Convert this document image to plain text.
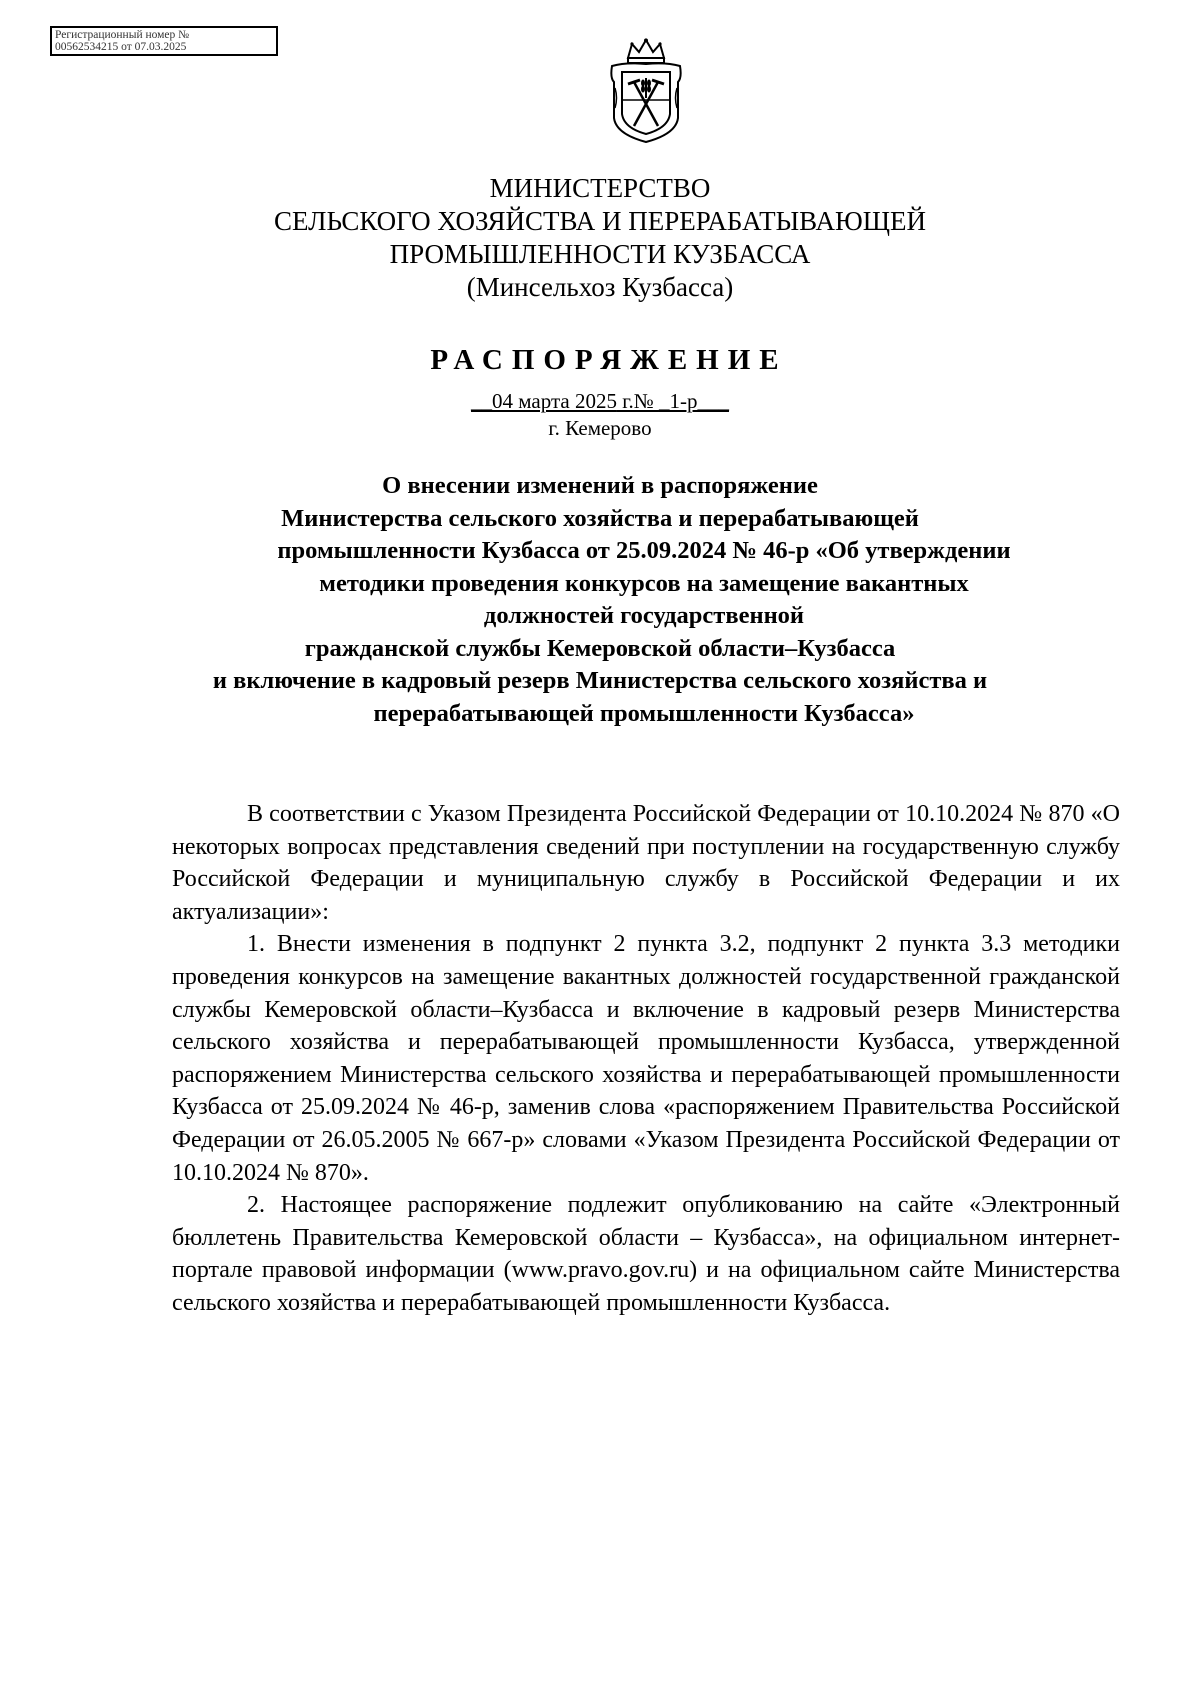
Регистрационный номер №
00562534215 от 07.03.2025
МИНИСТЕРСТВО
СЕЛЬСКОГО ХОЗЯЙСТВА И ПЕРЕРАБАТЫВАЮЩЕЙ
ПРОМЫШЛЕННОСТИ КУЗБАССА
(Минсельхоз Кузбасса)
РАСПОРЯЖЕНИЕ
__04 марта 2025 г.№ _1-р___
г. Кемерово
О внесении изменений в распоряжение
Министерства сельского хозяйства и перерабатывающей
промышленности Кузбасса от 25.09.2024 № 46-р «Об утверждении
методики проведения конкурсов на замещение вакантных
должностей государственной
гражданской службы Кемеровской области–Кузбасса
и включение в кадровый резерв Министерства сельского хозяйства и
перерабатывающей промышленности Кузбасса»

В соответствии с Указом Президента Российской Федерации от 10.10.2024 № 870 «О некоторых вопросах представления сведений при поступлении на государственную службу Российской Федерации и муниципальную службу в Российской Федерации и их актуализации»:

1. Внести изменения в подпункт 2 пункта 3.2, подпункт 2 пункта 3.3 методики проведения конкурсов на замещение вакантных должностей государственной гражданской службы Кемеровской области–Кузбасса и включение в кадровый резерв Министерства сельского хозяйства и перерабатывающей промышленности Кузбасса, утвержденной распоряжением Министерства сельского хозяйства и перерабатывающей промышленности Кузбасса от 25.09.2024 № 46-р, заменив слова «распоряжением Правительства Российской Федерации от 26.05.2005 № 667-р» словами «Указом Президента Российской Федерации от 10.10.2024 № 870».

2. Настоящее распоряжение подлежит опубликованию на сайте «Электронный бюллетень Правительства Кемеровской области – Кузбасса», на официальном интернет-портале правовой информации (www.pravo.gov.ru) и на официальном сайте Министерства сельского хозяйства и перерабатывающей промышленности Кузбасса.
